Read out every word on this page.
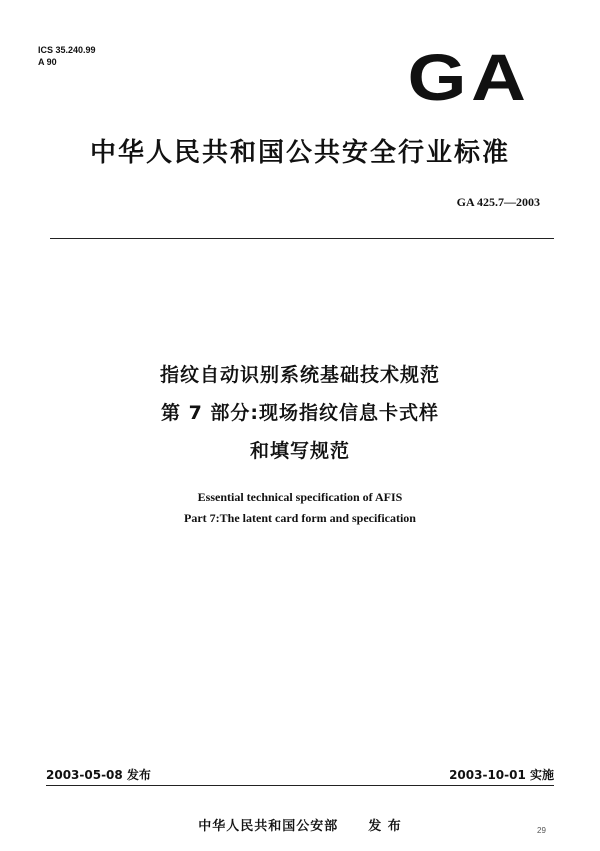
ICS 35.240.99
A 90	GA
中华人民共和国公共安全行业标准
GA 425.7—2003
指纹自动识别系统基础技术规范
第 7 部分:现场指纹信息卡式样
和填写规范
Essential technical specification of AFIS
Part 7:The latent card form and specification
2003-05-08 发布	2003-10-01 实施
中华人民共和国公安部 发 布	29
